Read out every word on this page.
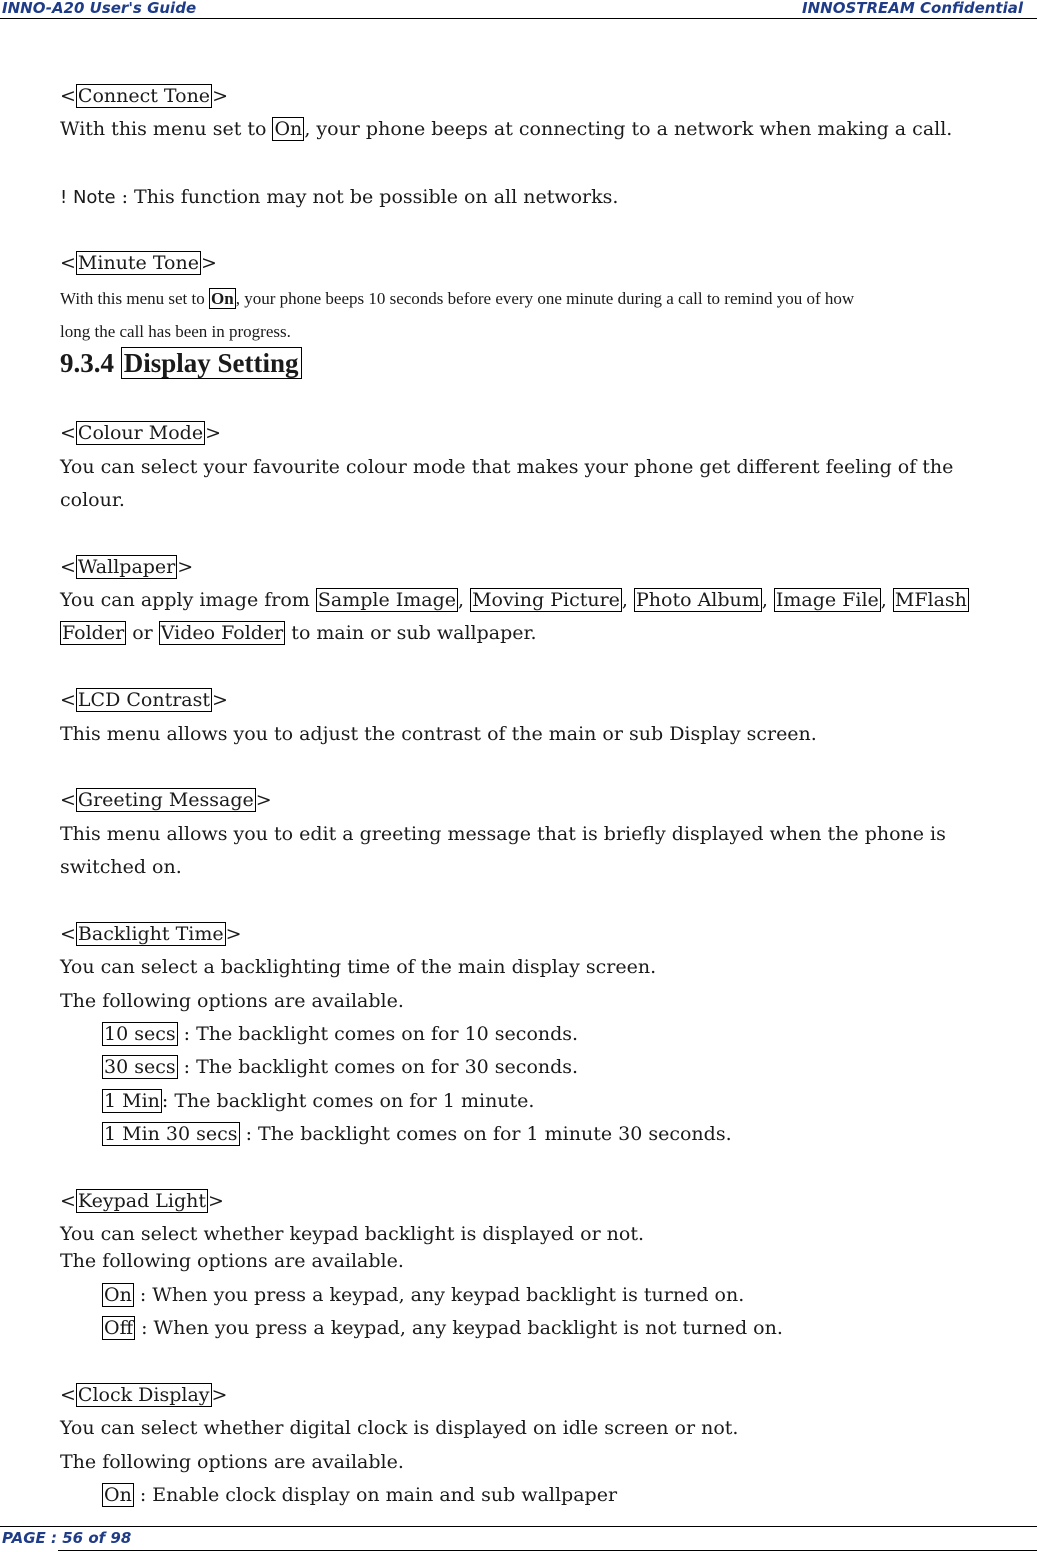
INNO-A20 User's Guide	INNOSTREAM Confidential
< Connect Tone >
With this menu set to On , your phone beeps at connecting to a network when making a call.
! Note : This function may not be possible on all networks.
< Minute Tone >
With this menu set to On , your phone beeps 10 seconds before every one minute during a call to remind you of how
long the call has been in progress.
9.3.4 Display Setting
< Colour Mode >
You can select your favourite colour mode that makes your phone get different feeling of the
colour.
< Wallpaper >
You can apply image from Sample Image , Moving Picture , Photo Album , Image File , MFlash
Folder or Video Folder to main or sub wallpaper.
< LCD Contrast >
This menu allows you to adjust the contrast of the main or sub Display screen.
< Greeting Message >
This menu allows you to edit a greeting message that is briefly displayed when the phone is
switched on.
< Backlight Time >
You can select a backlighting time of the main display screen.
The following options are available.
10 secs : The backlight comes on for 10 seconds.
30 secs : The backlight comes on for 30 seconds.
1 Min : The backlight comes on for 1 minute.
1 Min 30 secs : The backlight comes on for 1 minute 30 seconds.
< Keypad Light >
You can select whether keypad backlight is displayed or not.
The following options are available.
On : When you press a keypad, any keypad backlight is turned on.
Off : When you press a keypad, any keypad backlight is not turned on.
< Clock Display >
You can select whether digital clock is displayed on idle screen or not.
The following options are available.
On : Enable clock display on main and sub wallpaper
PAGE : 56 of 98
